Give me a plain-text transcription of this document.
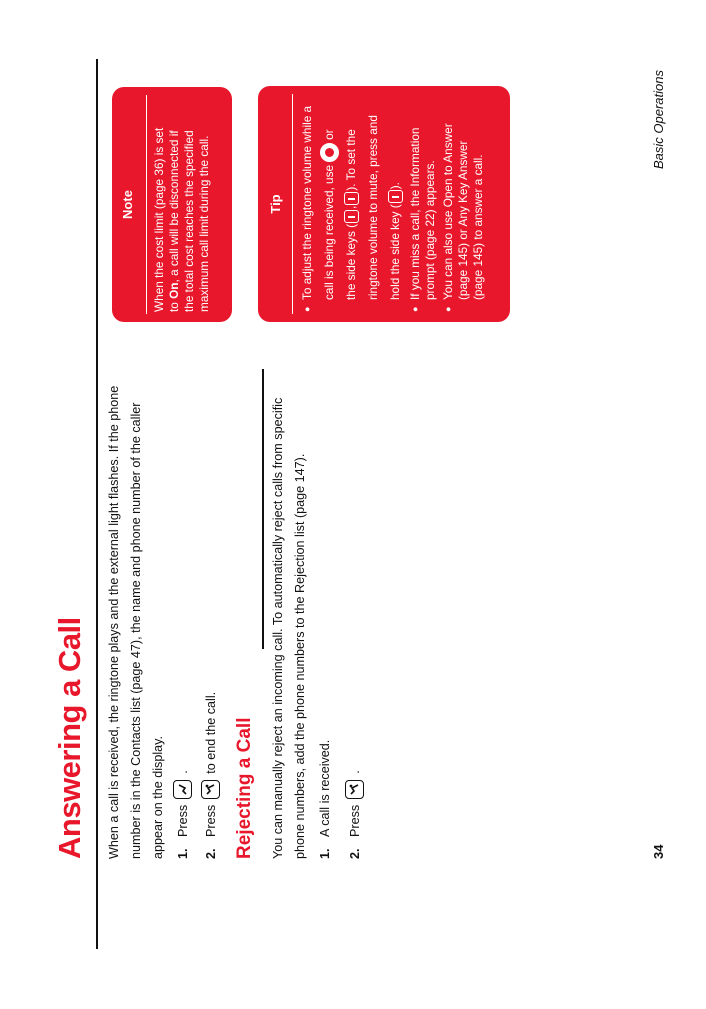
Answering a Call	When a call is received, the ringtone plays and the external light flashes. If the phone number is in the Contacts list (page 47), the name and phone number of the caller appear on the display. 1.
Press
.
2.
Press
to end the call. Rejecting a Call	You can manually reject an incoming call. To automatically reject calls from specific phone numbers, add the phone numbers to the Rejection list (page 147). 1.
A call is received.
2.
Press
.
Note When the cost limit (page 36) is set to On, a call will be disconnected if the total cost reaches the specified maximum call limit during the call.	Tip
●
To adjust the ringtone volume while a call is being received, useor
the side keys (,). To set the ringtone volume to mute, press and hold the side key ().
●
If you miss a call, the Information prompt (page 22) appears.
●
You can also use Open to Answer (page 145) or Any Key Answer (page 145) to answer a call.
34
Basic Operations
